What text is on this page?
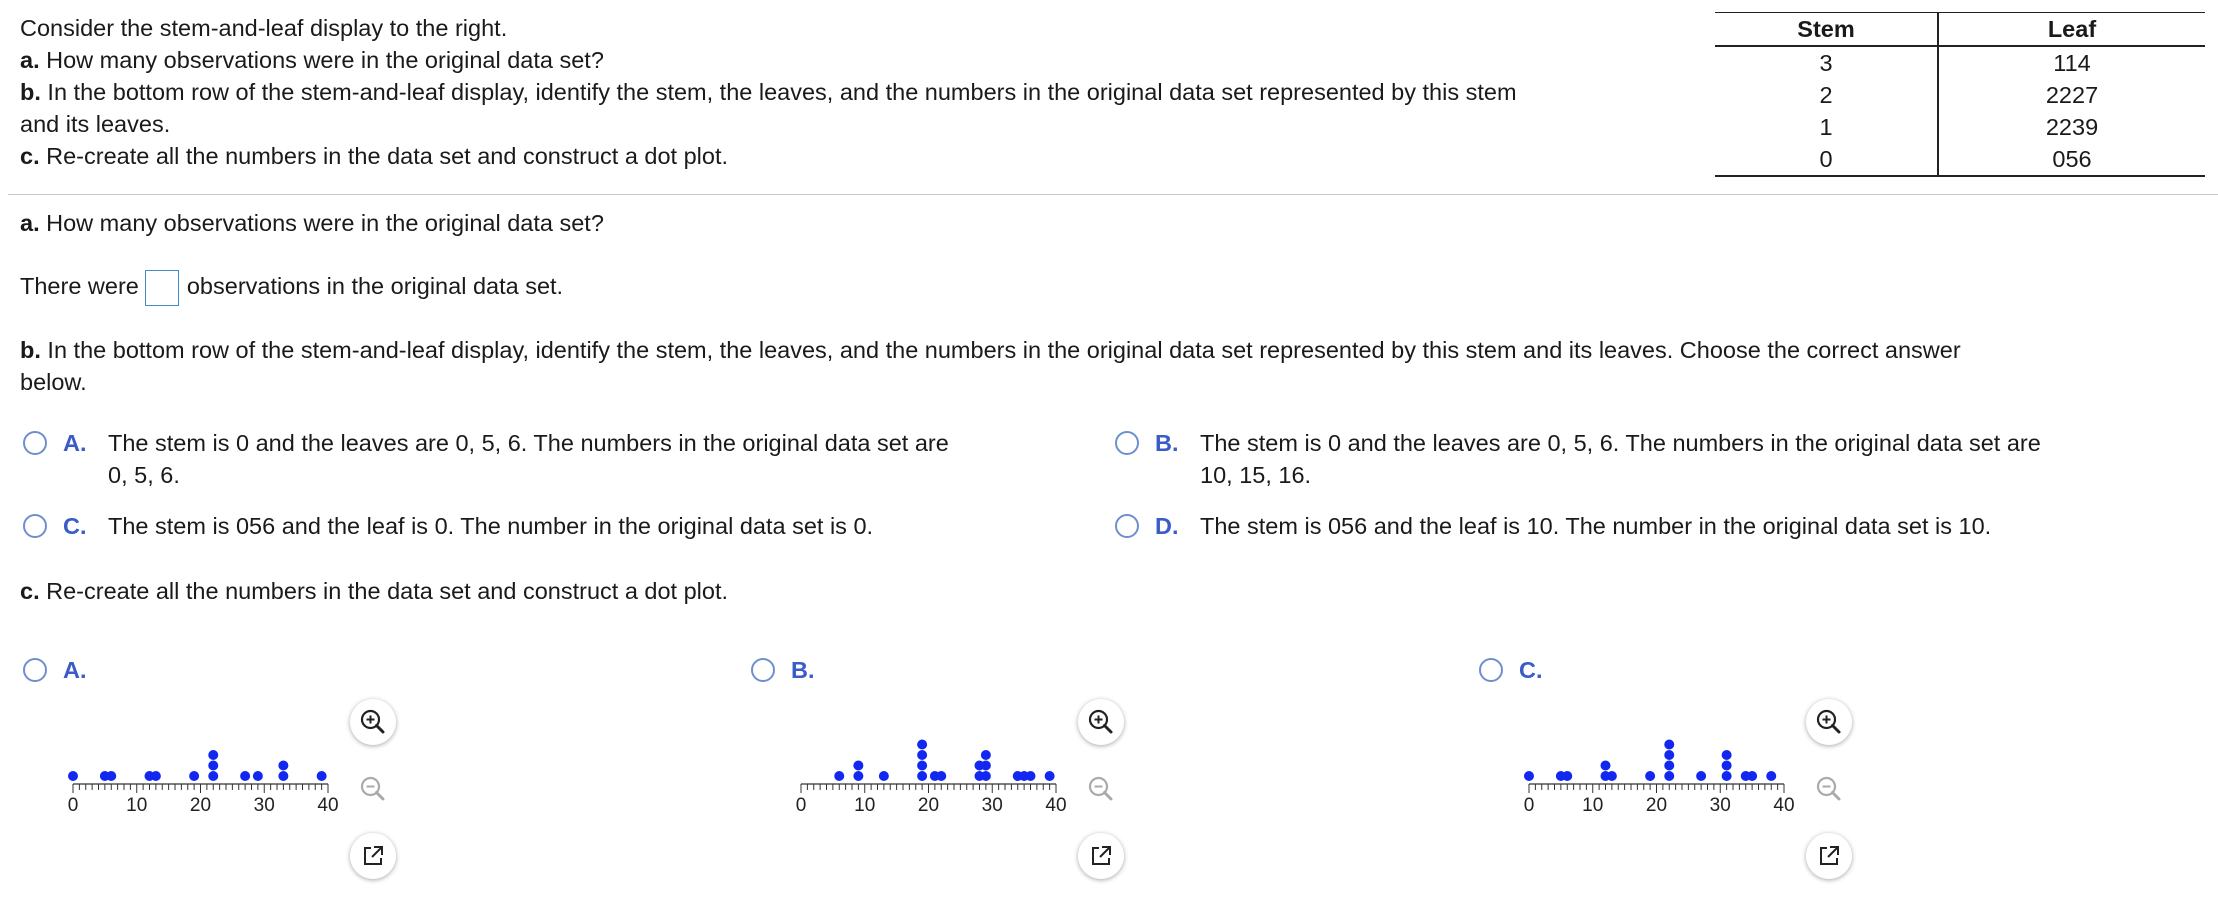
Consider the stem-and-leaf display to the right.
a. How many observations were in the original data set?
b. In the bottom row of the stem-and-leaf display, identify the stem, the leaves, and the numbers in the original data set represented by this stem
and its leaves.
c. Re-create all the numbers in the data set and construct a dot plot.
Stem	Leaf
3	114
2	2227
1	2239
0	056
a. How many observations were in the original data set?
There were observations in the original data set.
b. In the bottom row of the stem-and-leaf display, identify the stem, the leaves, and the numbers in the original data set represented by this stem and its leaves. Choose the correct answer
below.
A. The stem is 0 and the leaves are 0, 5, 6. The numbers in the original data set are
0, 5, 6.
B. The stem is 0 and the leaves are 0, 5, 6. The numbers in the original data set are
10, 15, 16.
C. The stem is 056 and the leaf is 0. The number in the original data set is 0.	D. The stem is 056 and the leaf is 10. The number in the original data set is 10.
c. Re-create all the numbers in the data set and construct a dot plot.
A.	B.	C.
0	10 20 30 40	0	10 20 30 40	0	10 20 30 40
